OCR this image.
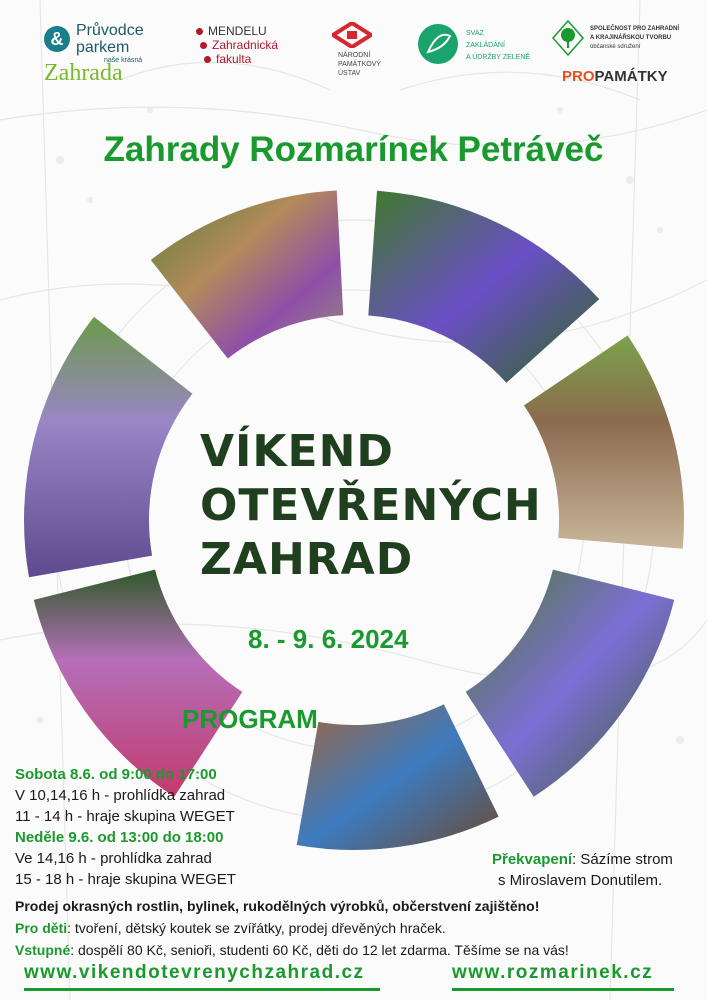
& Průvodce
parkem
naše krásná
Zahrada
MENDELU
Zahradnická
fakulta	NÁRODNÍ
PAMÁTKOVÝ
ÚSTAV
SVAZ
ZAKLÁDÁNÍ
A ÚDRŽBY ZELENĚ
SPOLEČNOST PRO ZAHRADNÍ
A KRAJINÁŘSKOU TVORBU
občanské sdružení
PROPAMÁTKY
Zahrady Rozmarínek Petráveč
VÍKEND
OTEVŘENÝCH
ZAHRAD
8. - 9. 6. 2024
PROGRAM
Sobota 8.6. od 9:00 do 17:00
V 10,14,16 h - prohlídka zahrad
11 - 14 h - hraje skupina WEGET
Neděle 9.6. od 13:00 do 18:00
Ve 14,16 h - prohlídka zahrad
15 - 18 h - hraje skupina WEGET
Překvapení: Sázíme strom
s Miroslavem Donutilem.
Prodej okrasných rostlin, bylinek, rukodělných výrobků, občerstvení zajištěno!
Pro děti: tvoření, dětský koutek se zvířátky, prodej dřevěných hraček.
Vstupné: dospělí 80 Kč, senioři, studenti 60 Kč, děti do 12 let zdarma. Těšíme se na vás!
www.vikendotevrenychzahrad.cz	www.rozmarinek.cz
